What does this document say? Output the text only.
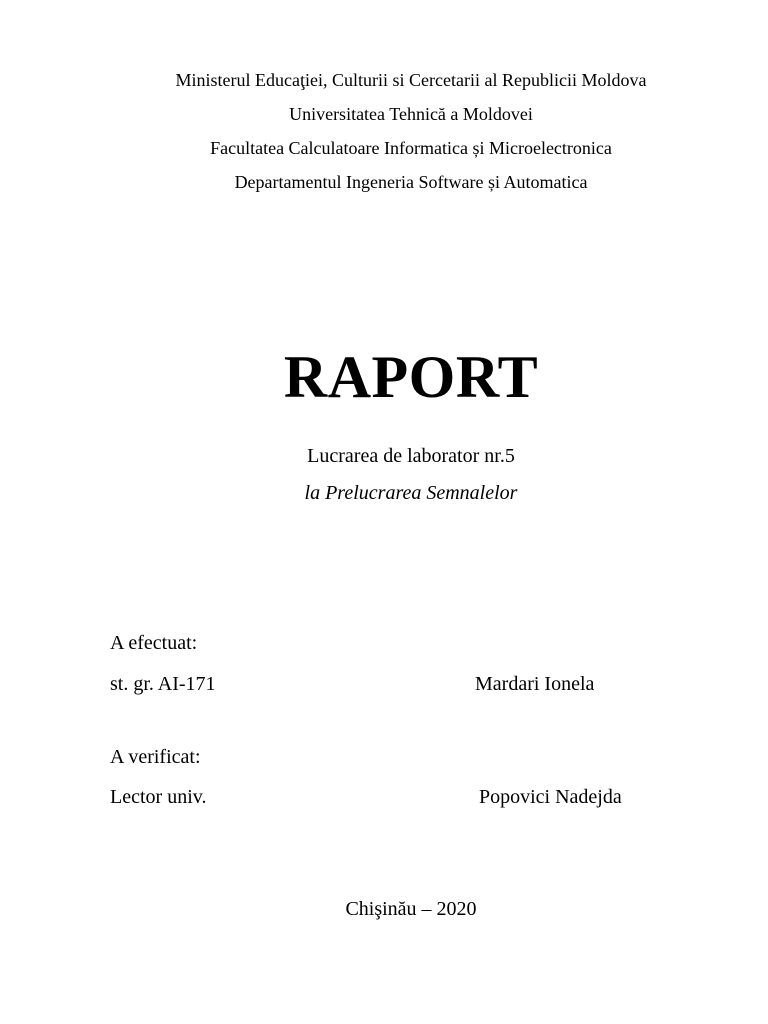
Ministerul Educaţiei, Culturii si Cercetarii al Republicii Moldova
Universitatea Tehnică a Moldovei
Facultatea Calculatoare Informatica și Microelectronica
Departamentul Ingeneria Software și Automatica
RAPORT
Lucrarea de laborator nr.5
la Prelucrarea Semnalelor
A efectuat:
st. gr. AI-171	Mardari Ionela
A verificat:
Lector univ.	Popovici Nadejda
Chişinău – 2020
